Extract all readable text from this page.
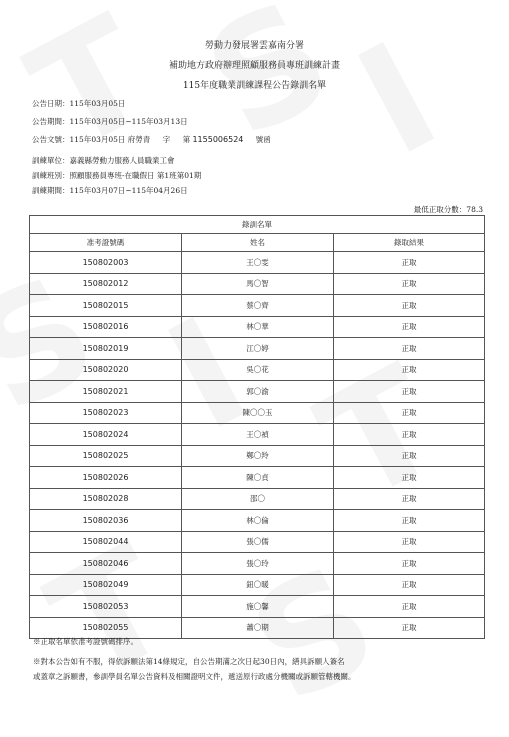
勞動力發展署雲嘉南分署
補助地方政府辦理照顧服務員專班訓練計畫
115年度職業訓練課程公告錄訓名單
公告日期：115年03月05日
公告期間：115年03月05日~115年03月13日
公告文號：115年03月05日 府勞青 字 第 1155006524 號函
訓練單位：嘉義縣勞動力服務人員職業工會
訓練班別：照顧服務員專班-在職假日 第1班第01期
訓練期間：115年03月07日~115年04月26日
最低正取分數：78.3
錄訓名單		
准考證號碼	姓名	錄取結果
150802003	王〇雯	正取
150802012	馬〇智	正取
150802015	蔡〇齊	正取
150802016	林〇華	正取
150802019	江〇婷	正取
150802020	吳〇花	正取
150802021	郭〇渝	正取
150802023	陳〇〇玉	正取
150802024	王〇禎	正取
150802025	鄭〇羚	正取
150802026	陳〇貞	正取
150802028	邵〇	正取
150802036	林〇倫	正取
150802044	張〇儒	正取
150802046	張〇玲	正取
150802049	鈕〇暖	正取
150802053	施〇馨	正取
150802055	蕭〇期	正取
※正取名單依准考證號碼排序。
※對本公告如有不服，得依訴願法第14條規定，自公告期滿之次日起30日內，繕具訴願人簽名
或蓋章之訴願書，參訓學員名單公告資料及相關證明文件，遞送原行政處分機關或訴願管轄機關。
